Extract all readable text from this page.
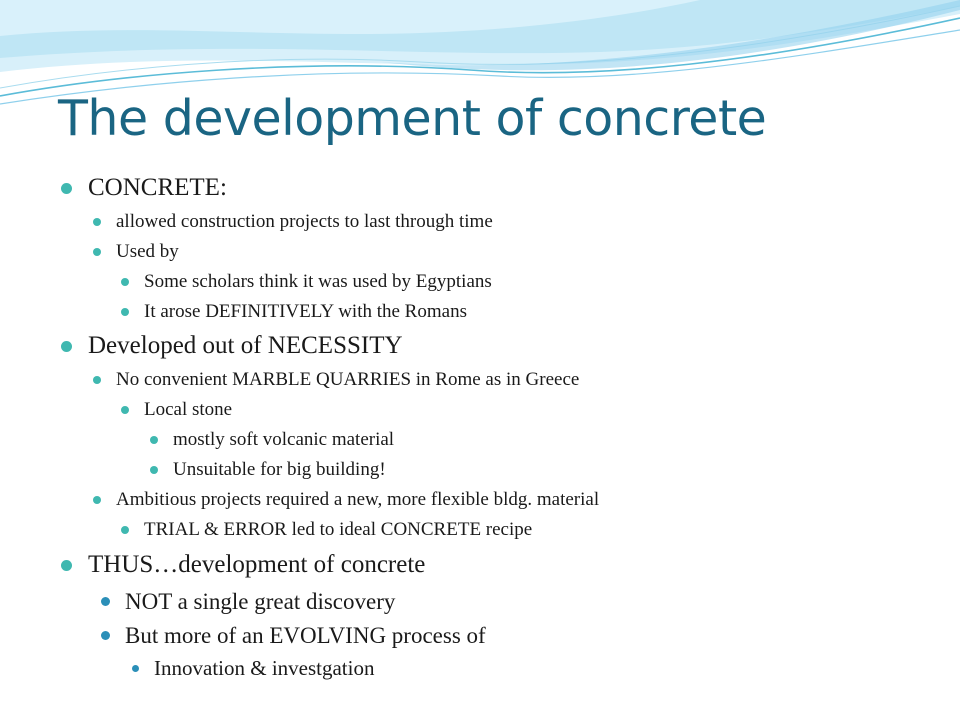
The development of concrete
CONCRETE:
allowed construction projects to last through time
Used by
Some scholars think it was used by Egyptians
It arose DEFINITIVELY with the Romans
Developed out of NECESSITY
No convenient MARBLE QUARRIES in Rome as in Greece
Local stone
mostly soft volcanic material
Unsuitable for big building!
Ambitious projects required a new, more flexible bldg. material
TRIAL & ERROR led to ideal CONCRETE recipe
THUS…development of concrete
NOT a single great discovery
But more of an EVOLVING process of
Innovation & investgation
